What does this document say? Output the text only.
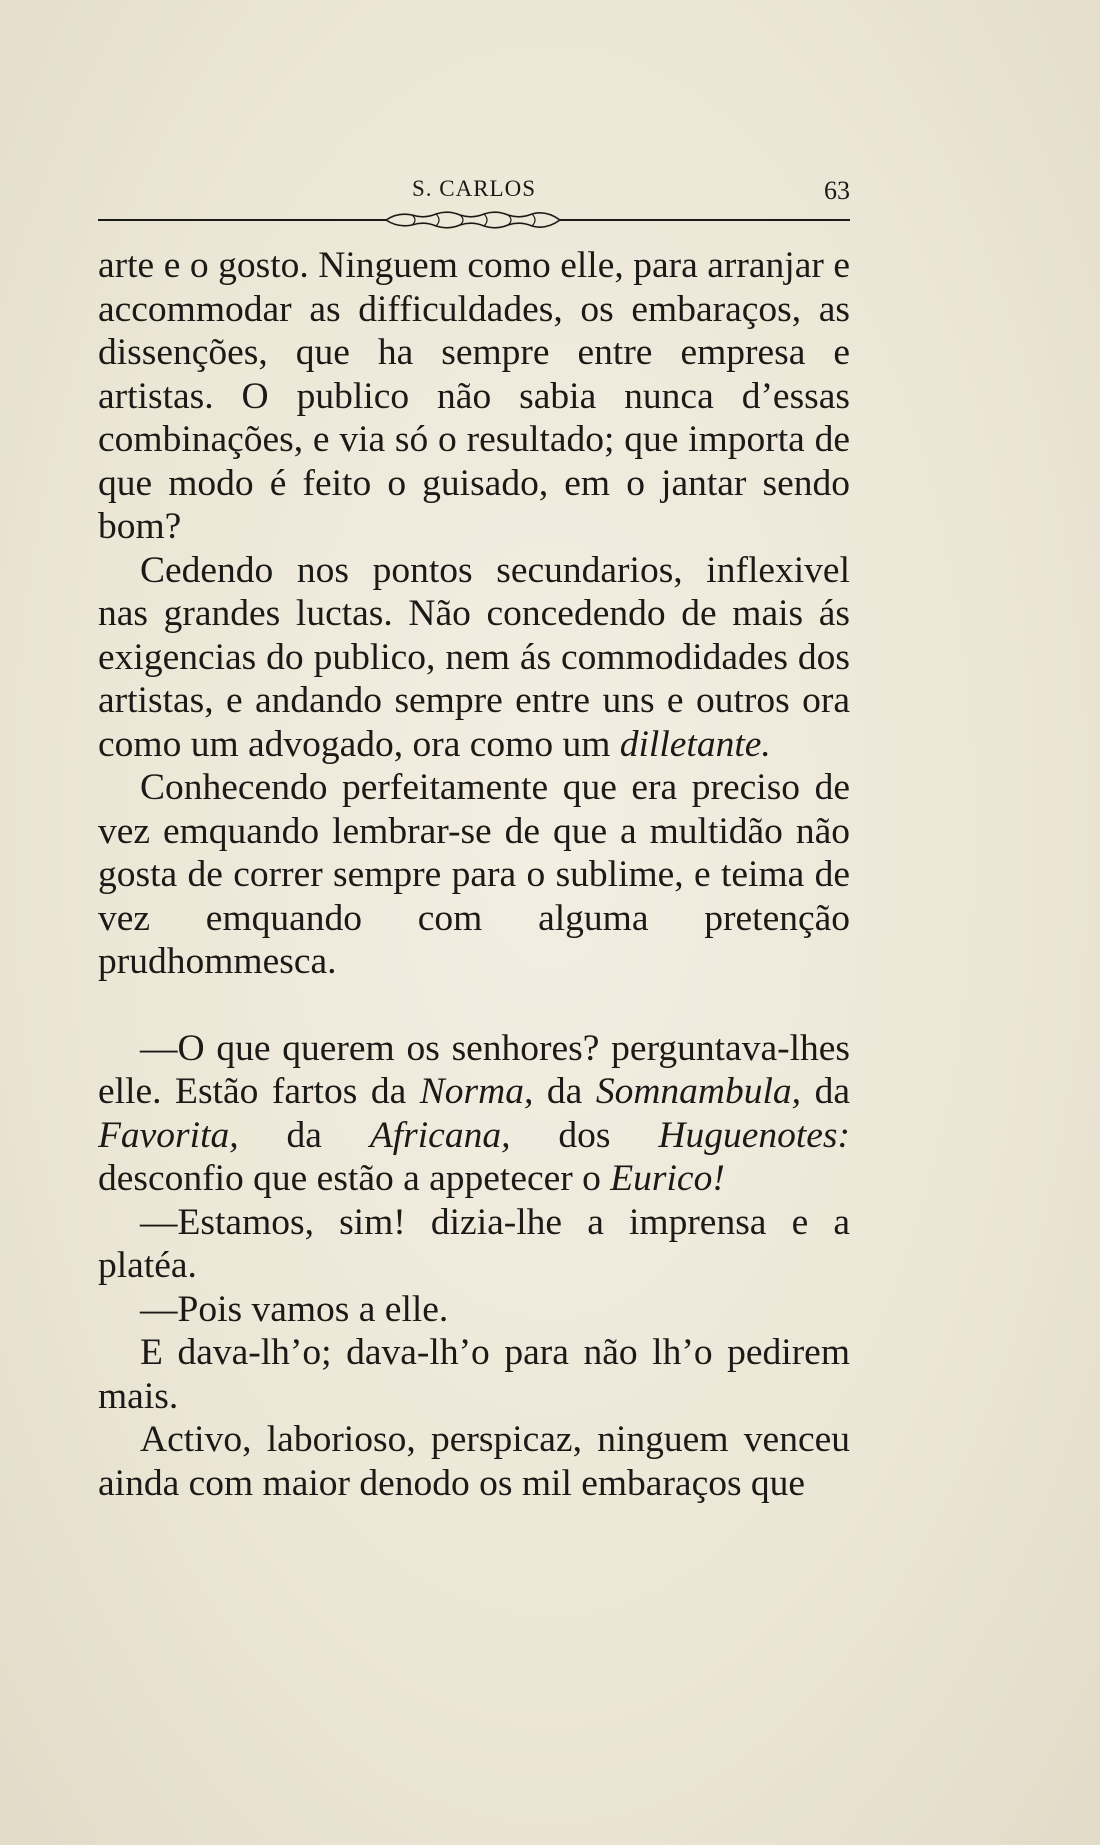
S. CARLOS	63

arte e o gosto. Ninguem como elle, para arranjar e accommodar as difficuldades, os embaraços, as dissenções, que ha sempre entre empresa e artistas. O publico não sabia nunca d’essas combinações, e via só o resultado; que importa de que modo é feito o guisado, em o jantar sendo bom?

Cedendo nos pontos secundarios, inflexivel nas grandes luctas. Não concedendo de mais ás exigencias do publico, nem ás commodidades dos artistas, e andando sempre entre uns e outros ora como um advogado, ora como um dilletante.

Conhecendo perfeitamente que era preciso de vez emquando lembrar-se de que a multidão não gosta de correr sempre para o sublime, e teima de vez emquando com alguma pretenção prudhommesca.

—O que querem os senhores? perguntava-lhes elle. Estão fartos da Norma, da Somnambula, da Favorita, da Africana, dos Huguenotes: desconfio que estão a appetecer o Eurico!

—Estamos, sim! dizia-lhe a imprensa e a platéa.

—Pois vamos a elle.

E dava-lh’o; dava-lh’o para não lh’o pedirem mais.

Activo, laborioso, perspicaz, ninguem venceu ainda com maior denodo os mil embaraços que
